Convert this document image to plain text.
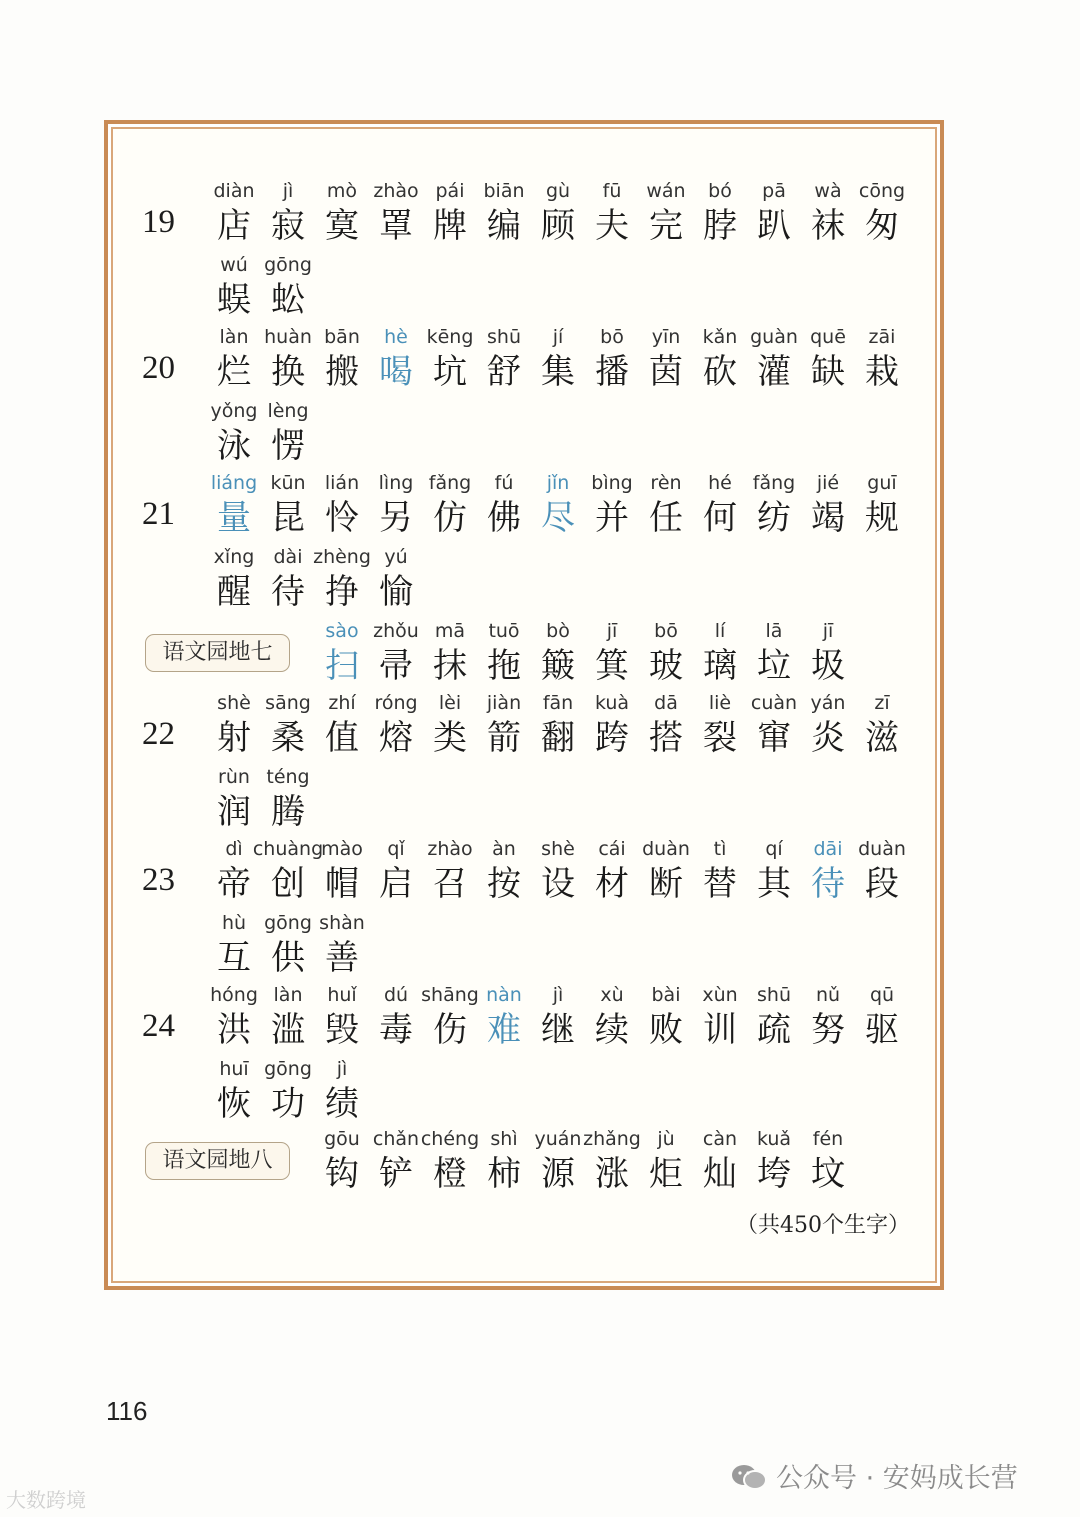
19
diàn
店
jì
寂
mò
寞
zhào
罩
pái
牌
biān
编
gù
顾
fū
夫
wán
完
bó
脖
pā
趴
wà
袜
cōng
匆
wú
蜈
gōng
蚣
20
làn
烂
huàn
换
bān
搬
hè
喝
kēng
坑
shū
舒
jí
集
bō
播
yīn
茵
kǎn
砍
guàn
灌
quē
缺
zāi
栽
yǒng
泳
lèng
愣
21
liáng
量
kūn
昆
lián
怜
lìng
另
fǎng
仿
fú
佛
jǐn
尽
bìng
并
rèn
任
hé
何
fǎng
纺
jié
竭
guī
规
xǐng
醒
dài
待
zhèng
挣
yú
愉
语文园地七
sào
扫
zhǒu
帚
mā
抹
tuō
拖
bò
簸
jī
箕
bō
玻
lí
璃
lā
垃
jī
圾
22
shè
射
sāng
桑
zhí
值
róng
熔
lèi
类
jiàn
箭
fān
翻
kuà
跨
dā
搭
liè
裂
cuàn
窜
yán
炎
zī
滋
rùn
润
téng
腾
23
dì
帝
chuàng
创
mào
帽
qǐ
启
zhào
召
àn
按
shè
设
cái
材
duàn
断
tì
替
qí
其
dāi
待
duàn
段
hù
互
gōng
供
shàn
善
24
hóng
洪
làn
滥
huǐ
毁
dú
毒
shāng
伤
nàn
难
jì
继
xù
续
bài
败
xùn
训
shū
疏
nǔ
努
qū
驱
huī
恢
gōng
功
jì
绩
语文园地八
gōu
钩
chǎn
铲
chéng
橙
shì
柿
yuán
源
zhǎng
涨
jù
炬
càn
灿
kuǎ
垮
fén
坟
（共450个生字）
116
公众号 · 安妈成长营
大数跨境
